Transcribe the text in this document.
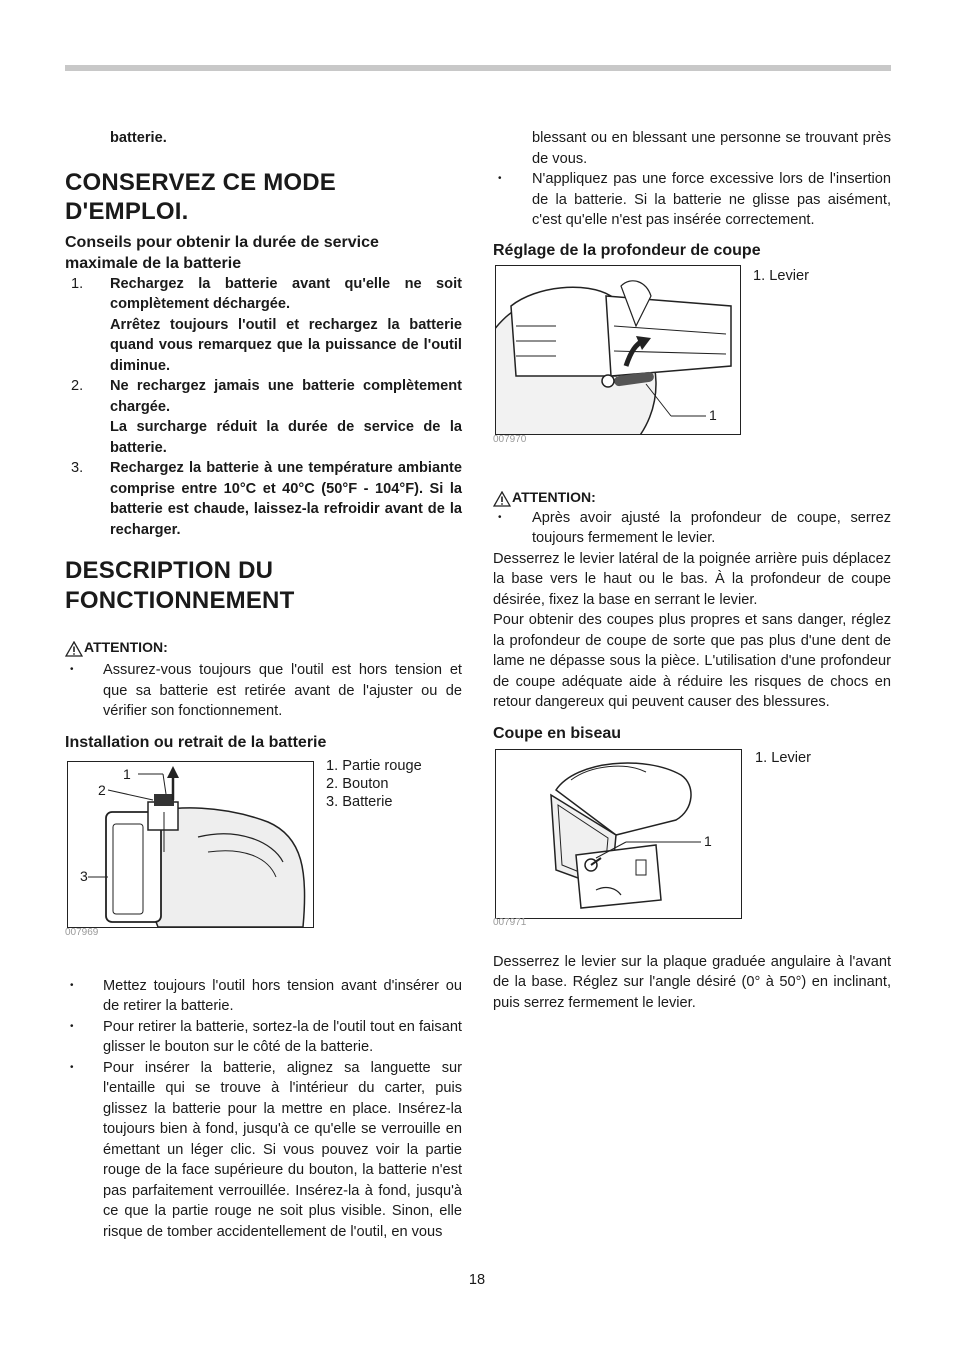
batterie.

CONSERVEZ CE MODE D'EMPLOI.
Conseils pour obtenir la durée de service maximale de la batterie
1. Rechargez la batterie avant qu'elle ne soit complètement déchargée.
Arrêtez toujours l'outil et rechargez la batterie quand vous remarquez que la puissance de l'outil diminue.
2. Ne rechargez jamais une batterie complètement chargée.
La surcharge réduit la durée de service de la batterie.
3. Rechargez la batterie à une température ambiante comprise entre 10°C et 40°C (50°F - 104°F). Si la batterie est chaude, laissez-la refroidir avant de la recharger.
DESCRIPTION DU FONCTIONNEMENT
ATTENTION:
• Assurez-vous toujours que l'outil est hors tension et que sa batterie est retirée avant de l'ajuster ou de vérifier son fonctionnement.
Installation ou retrait de la batterie
1
2
3
1. Partie rouge
2. Bouton
3. Batterie
007969
• Mettez toujours l'outil hors tension avant d'insérer ou de retirer la batterie.
• Pour retirer la batterie, sortez-la de l'outil tout en faisant glisser le bouton sur le côté de la batterie.
• Pour insérer la batterie, alignez sa languette sur l'entaille qui se trouve à l'intérieur du carter, puis glissez la batterie pour la mettre en place. Insérez-la toujours bien à fond, jusqu'à ce qu'elle se verrouille en émettant un léger clic. Si vous pouvez voir la partie rouge de la face supérieure du bouton, la batterie n'est pas parfaitement verrouillée. Insérez-la à fond, jusqu'à ce que la partie rouge ne soit plus visible. Sinon, elle risque de tomber accidentellement de l'outil, en vous

blessant ou en blessant une personne se trouvant près de vous.

• N'appliquez pas une force excessive lors de l'insertion de la batterie. Si la batterie ne glisse pas aisément, c'est qu'elle n'est pas insérée correctement.
Réglage de la profondeur de coupe
1
1. Levier
007970
ATTENTION:
• Après avoir ajusté la profondeur de coupe, serrez toujours fermement le levier.

Desserrez le levier latéral de la poignée arrière puis déplacez la base vers le haut ou le bas. À la profondeur de coupe désirée, fixez la base en serrant le levier.

Pour obtenir des coupes plus propres et sans danger, réglez la profondeur de coupe de sorte que pas plus d'une dent de lame ne dépasse sous la pièce. L'utilisation d'une profondeur de coupe adéquate aide à réduire les risques de chocs en retour dangereux qui peuvent causer des blessures.

Coupe en biseau
1
1. Levier
007971

Desserrez le levier sur la plaque graduée angulaire à l'avant de la base. Réglez sur l'angle désiré (0° à 50°) en inclinant, puis serrez fermement le levier.

18
